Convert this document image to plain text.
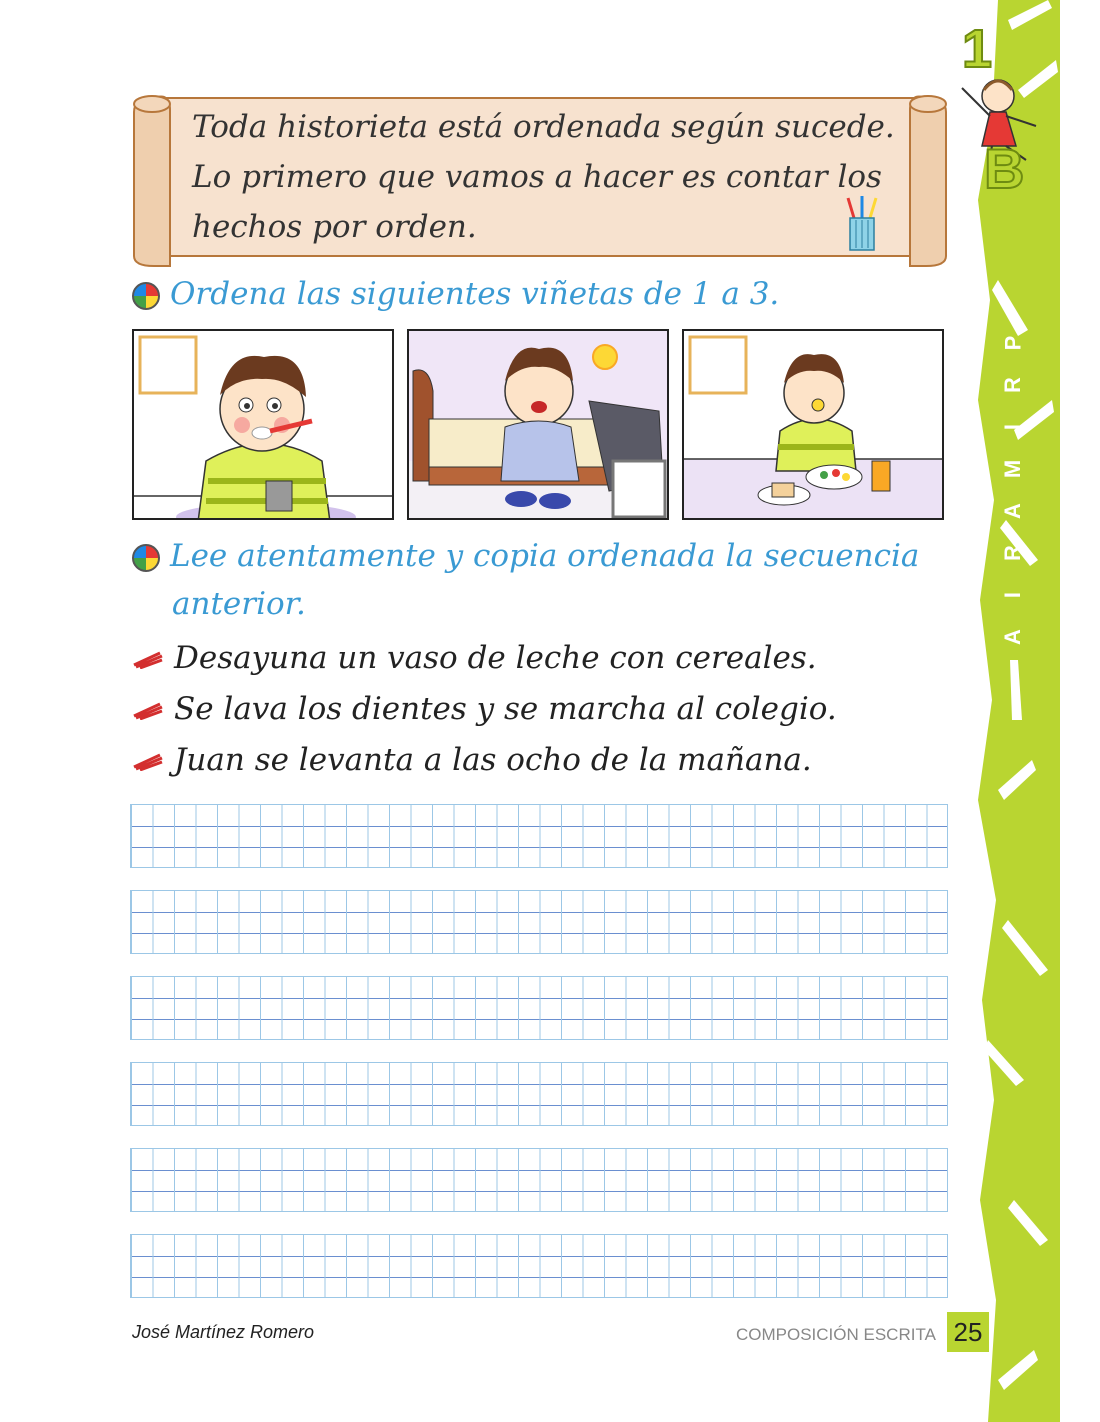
1
B
P
R
I
M
A
R
I
A
Toda historieta está ordenada según sucede.
Lo primero que vamos a hacer es contar los
hechos por orden.
Ordena las siguientes viñetas de 1 a 3.
Lee atentamente y copia ordenada la secuencia
anterior.
Desayuna un vaso de leche con cereales.
Se lava los dientes y se marcha al colegio.
Juan se levanta a las ocho de la mañana.
José Martínez Romero	COMPOSICIÓN ESCRITA 25
